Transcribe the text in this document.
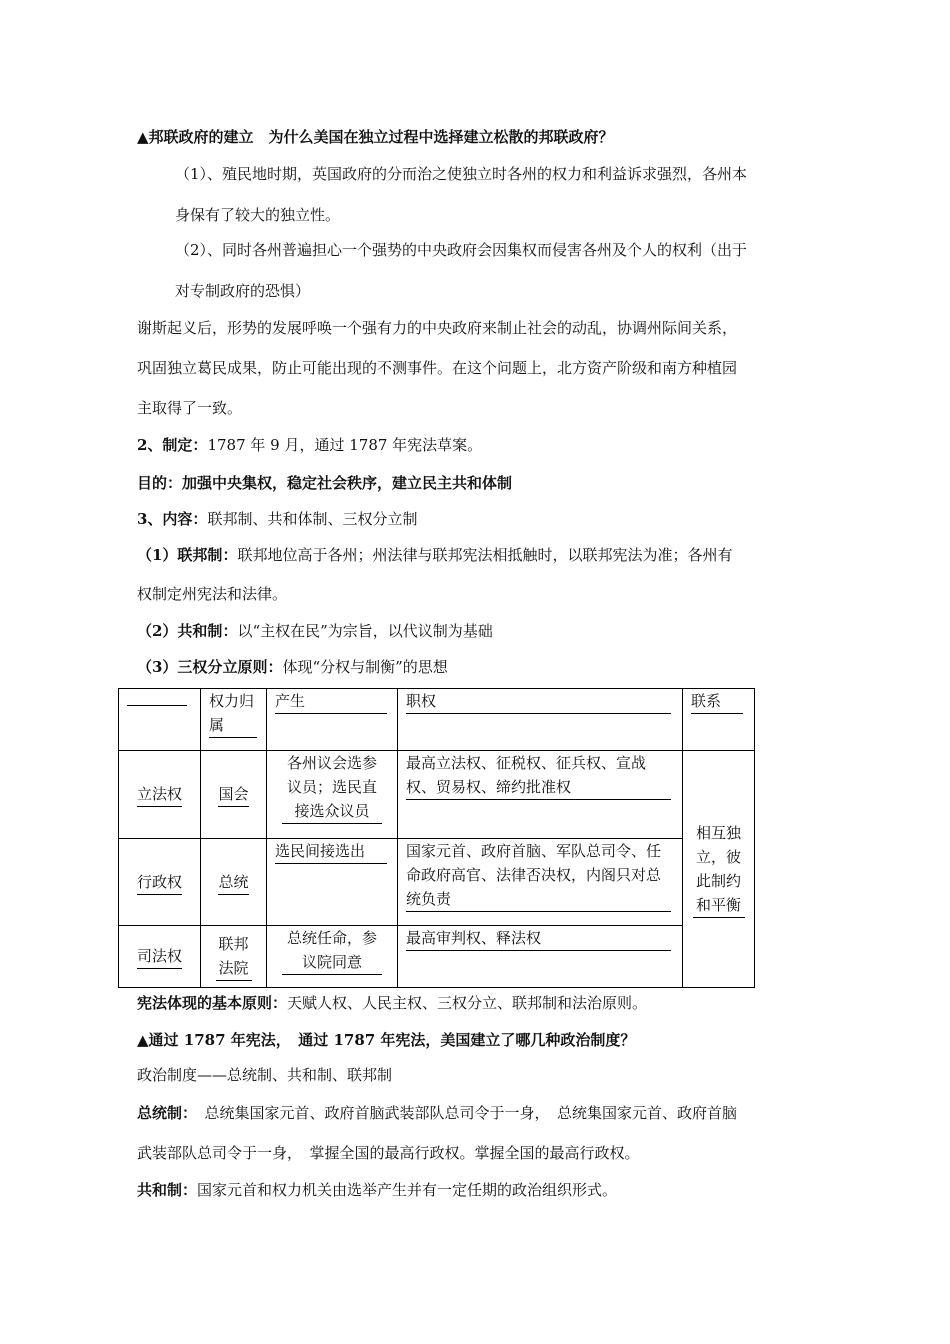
▲邦联政府的建立　为什么美国在独立过程中选择建立松散的邦联政府？
（1）、殖民地时期，英国政府的分而治之使独立时各州的权力和利益诉求强烈，各州本
身保有了较大的独立性。
（2）、同时各州普遍担心一个强势的中央政府会因集权而侵害各州及个人的权利（出于
对专制政府的恐惧）
谢斯起义后，形势的发展呼唤一个强有力的中央政府来制止社会的动乱，协调州际间关系，
巩固独立葛民成果，防止可能出现的不测事件。在这个问题上，北方资产阶级和南方种植园
主取得了一致。
2、制定：1787 年 9 月，通过 1787 年宪法草案。
目的：加强中央集权，稳定社会秩序，建立民主共和体制
3、内容：联邦制、共和体制、三权分立制
（1）联邦制：联邦地位高于各州；州法律与联邦宪法相抵触时，以联邦宪法为准；各州有
权制定州宪法和法律。
（2）共和制：以“主权在民”为宗旨，以代议制为基础
（3）三权分立原则：体现“分权与制衡”的思想
	权力归属	产生	职权	联系
立法权	国会	各州议会选参议员；选民直接选众议员	最高立法权、征税权、征兵权、宣战权、贸易权、缔约批准权	相互独立，彼此制约和平衡
行政权	总统	选民间接选出	国家元首、政府首脑、军队总司令、任命政府高官、法律否决权，内阁只对总统负责	
司法权	联邦法院	总统任命，参议院同意	最高审判权、释法权	
宪法体现的基本原则：天赋人权、人民主权、三权分立、联邦制和法治原则。
▲通过 1787 年宪法，　通过 1787 年宪法，美国建立了哪几种政治制度？
政治制度——总统制、共和制、联邦制
总统制：　总统集国家元首、政府首脑武装部队总司令于一身，　总统集国家元首、政府首脑
武装部队总司令于一身，　掌握全国的最高行政权。掌握全国的最高行政权。
共和制：国家元首和权力机关由选举产生并有一定任期的政治组织形式。
